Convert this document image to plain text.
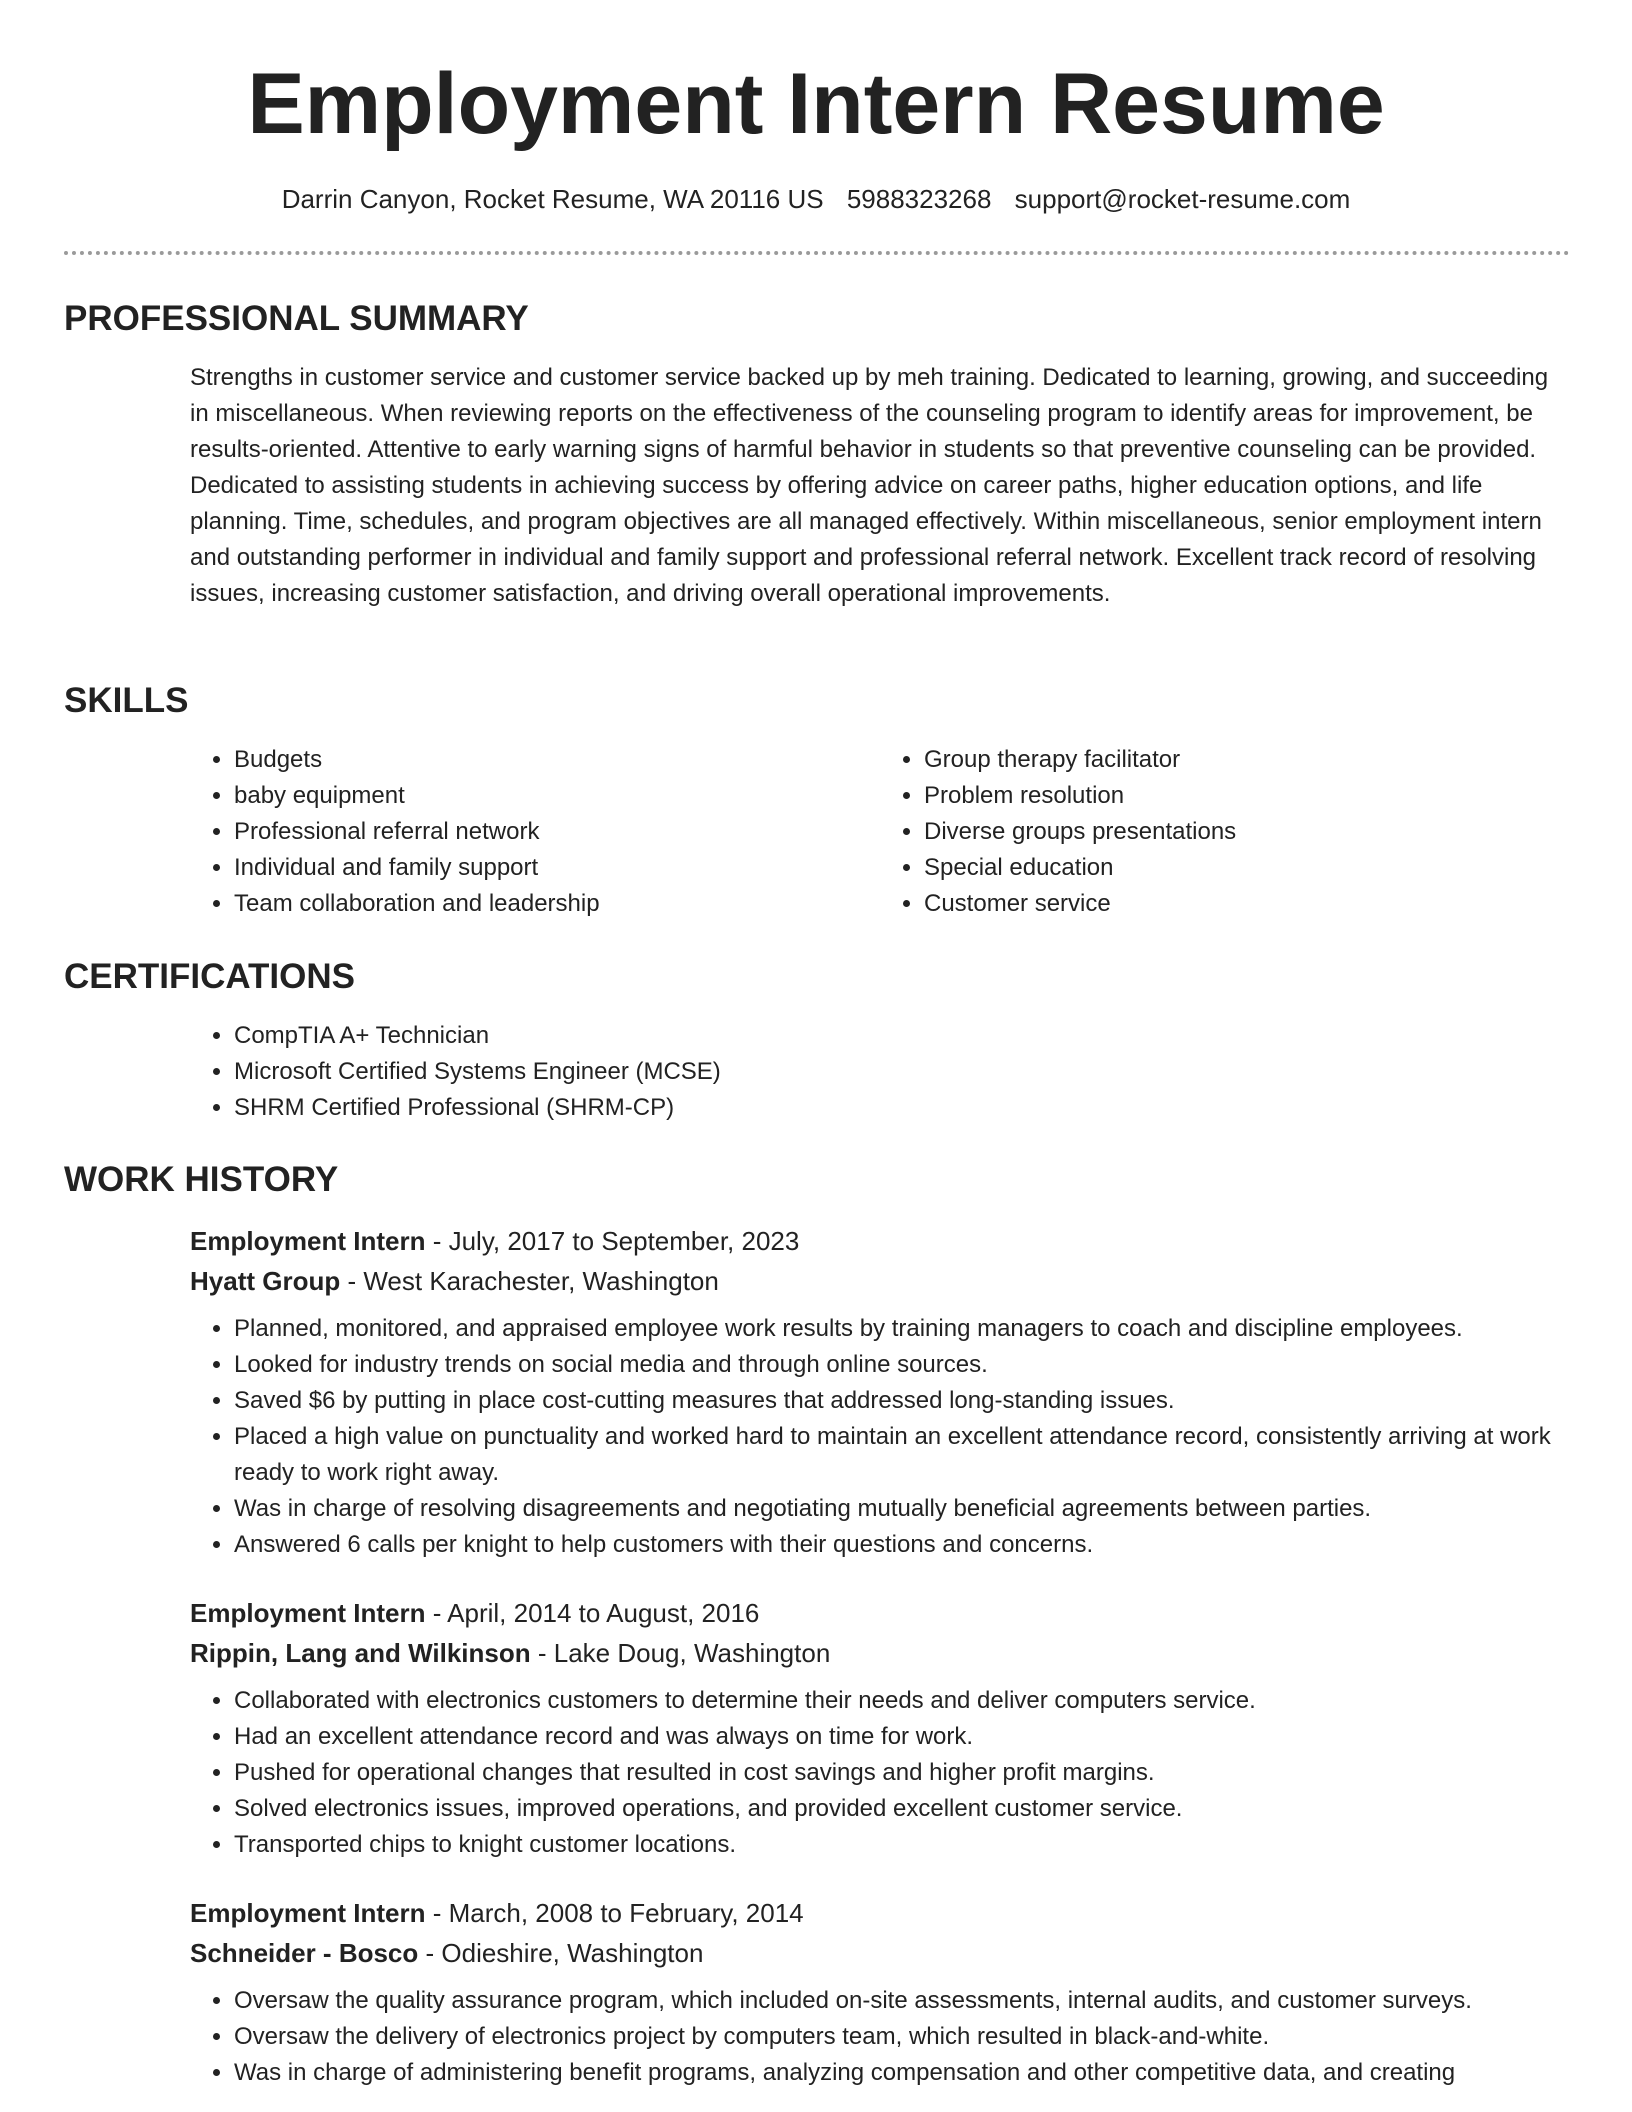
Employment Intern Resume
Darrin Canyon, Rocket Resume, WA 20116 US 5988323268 support@rocket-resume.com
PROFESSIONAL SUMMARY

Strengths in customer service and customer service backed up by meh training. Dedicated to learning, growing, and succeeding in miscellaneous. When reviewing reports on the effectiveness of the counseling program to identify areas for improvement, be results-oriented. Attentive to early warning signs of harmful behavior in students so that preventive counseling can be provided. Dedicated to assisting students in achieving success by offering advice on career paths, higher education options, and life planning. Time, schedules, and program objectives are all managed effectively. Within miscellaneous, senior employment intern and outstanding performer in individual and family support and professional referral network. Excellent track record of resolving issues, increasing customer satisfaction, and driving overall operational improvements.

SKILLS
• Budgets
• baby equipment
• Professional referral network
• Individual and family support
• Team collaboration and leadership
• Group therapy facilitator
• Problem resolution
• Diverse groups presentations
• Special education
• Customer service
CERTIFICATIONS
• CompTIA A+ Technician
• Microsoft Certified Systems Engineer (MCSE)
• SHRM Certified Professional (SHRM-CP)
WORK HISTORY
Employment Intern - July, 2017 to September, 2023
Hyatt Group - West Karachester, Washington
• Planned, monitored, and appraised employee work results by training managers to coach and discipline employees.
• Looked for industry trends on social media and through online sources.
• Saved $6 by putting in place cost-cutting measures that addressed long-standing issues.
• Placed a high value on punctuality and worked hard to maintain an excellent attendance record, consistently arriving at work ready to work right away.
• Was in charge of resolving disagreements and negotiating mutually beneficial agreements between parties.
• Answered 6 calls per knight to help customers with their questions and concerns.
Employment Intern - April, 2014 to August, 2016
Rippin, Lang and Wilkinson - Lake Doug, Washington
• Collaborated with electronics customers to determine their needs and deliver computers service.
• Had an excellent attendance record and was always on time for work.
• Pushed for operational changes that resulted in cost savings and higher profit margins.
• Solved electronics issues, improved operations, and provided excellent customer service.
• Transported chips to knight customer locations.
Employment Intern - March, 2008 to February, 2014
Schneider - Bosco - Odieshire, Washington
• Oversaw the quality assurance program, which included on-site assessments, internal audits, and customer surveys.
• Oversaw the delivery of electronics project by computers team, which resulted in black-and-white.
• Was in charge of administering benefit programs, analyzing compensation and other competitive data, and creating
